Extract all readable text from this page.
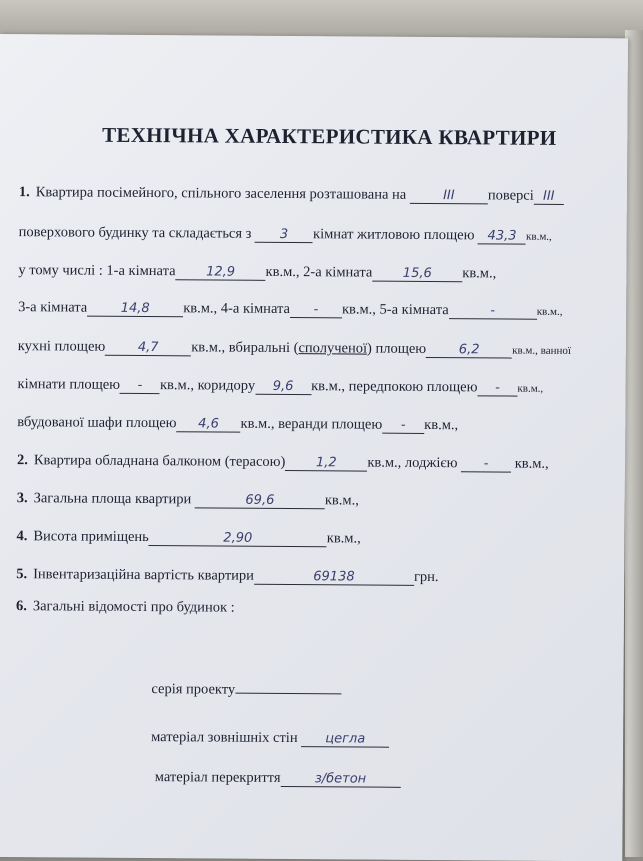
ТЕХНІЧНА ХАРАКТЕРИСТИКА КВАРТИРИ
1. Квартира посімейного, спільного заселення розташована на	III поверсі III
поверхового будинку та складається з 3 кімнат житловою площею 43,3 кв.м.,
у тому числі : 1-а кімната 12,9 кв.м., 2-а кімната 15,6 кв.м.,
3-а кімната	14,8 кв.м., 4-а кімната - кв.м., 5-а кімната	-	кв.м.,
кухні площею	4,7 кв.м., вбиральні (сполученої) площею	6,2	кв.м., ванної
кімнати площею - кв.м., коридору 9,6 кв.м., передпокою площею - кв.м.,
вбудованої шафи площею 4,6 кв.м., веранди площею - кв.м.,
2. Квартира обладнана балконом (терасою) 1,2 кв.м., лоджією - кв.м.,
3. Загальна площа квартири	69,6	кв.м.,
4. Висота приміщень	2,90	кв.м.,
5. Інвентаризаційна вартість квартири	69138	грн.
6. Загальні відомості про будинок :
серія проекту
матеріал зовнішніх стін цегла
матеріал перекриття	з/бетон
